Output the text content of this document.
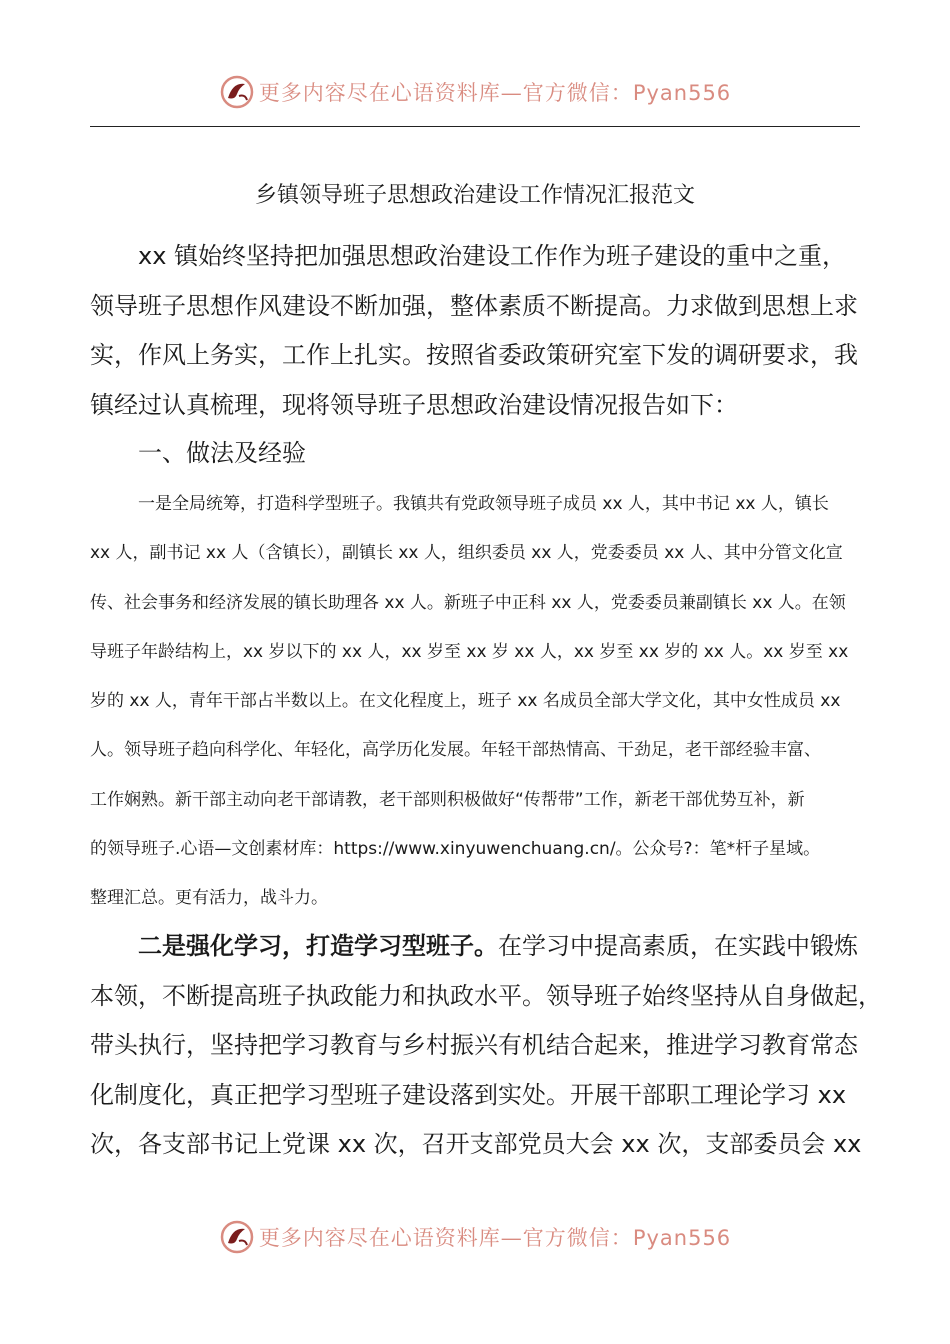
更多内容尽在心语资料库—官方微信：Pyan556
乡镇领导班子思想政治建设工作情况汇报范文
xx 镇始终坚持把加强思想政治建设工作作为班子建设的重中之重，
领导班子思想作风建设不断加强，整体素质不断提高。力求做到思想上求
实，作风上务实，工作上扎实。按照省委政策研究室下发的调研要求，我
镇经过认真梳理，现将领导班子思想政治建设情况报告如下：
一、做法及经验
一是全局统筹，打造科学型班子。我镇共有党政领导班子成员 xx 人，其中书记 xx 人，镇长
xx 人，副书记 xx 人（含镇长），副镇长 xx 人，组织委员 xx 人，党委委员 xx 人、其中分管文化宣
传、社会事务和经济发展的镇长助理各 xx 人。新班子中正科 xx 人，党委委员兼副镇长 xx 人。在领
导班子年龄结构上，xx 岁以下的 xx 人，xx 岁至 xx 岁 xx 人，xx 岁至 xx 岁的 xx 人。xx 岁至 xx
岁的 xx 人，青年干部占半数以上。在文化程度上，班子 xx 名成员全部大学文化，其中女性成员 xx
人。领导班子趋向科学化、年轻化，高学历化发展。年轻干部热情高、干劲足，老干部经验丰富、
工作娴熟。新干部主动向老干部请教，老干部则积极做好“传帮带”工作，新老干部优势互补，新
的领导班子.心语—文创素材库：https://www.xinyuwenchuang.cn/。公众号?：笔*杆子星域。
整理汇总。更有活力，战斗力。
二是强化学习，打造学习型班子。在学习中提高素质，在实践中锻炼
本领，不断提高班子执政能力和执政水平。领导班子始终坚持从自身做起，
带头执行，坚持把学习教育与乡村振兴有机结合起来，推进学习教育常态
化制度化，真正把学习型班子建设落到实处。开展干部职工理论学习 xx
次，各支部书记上党课 xx 次，召开支部党员大会 xx 次，支部委员会 xx
更多内容尽在心语资料库—官方微信：Pyan556
